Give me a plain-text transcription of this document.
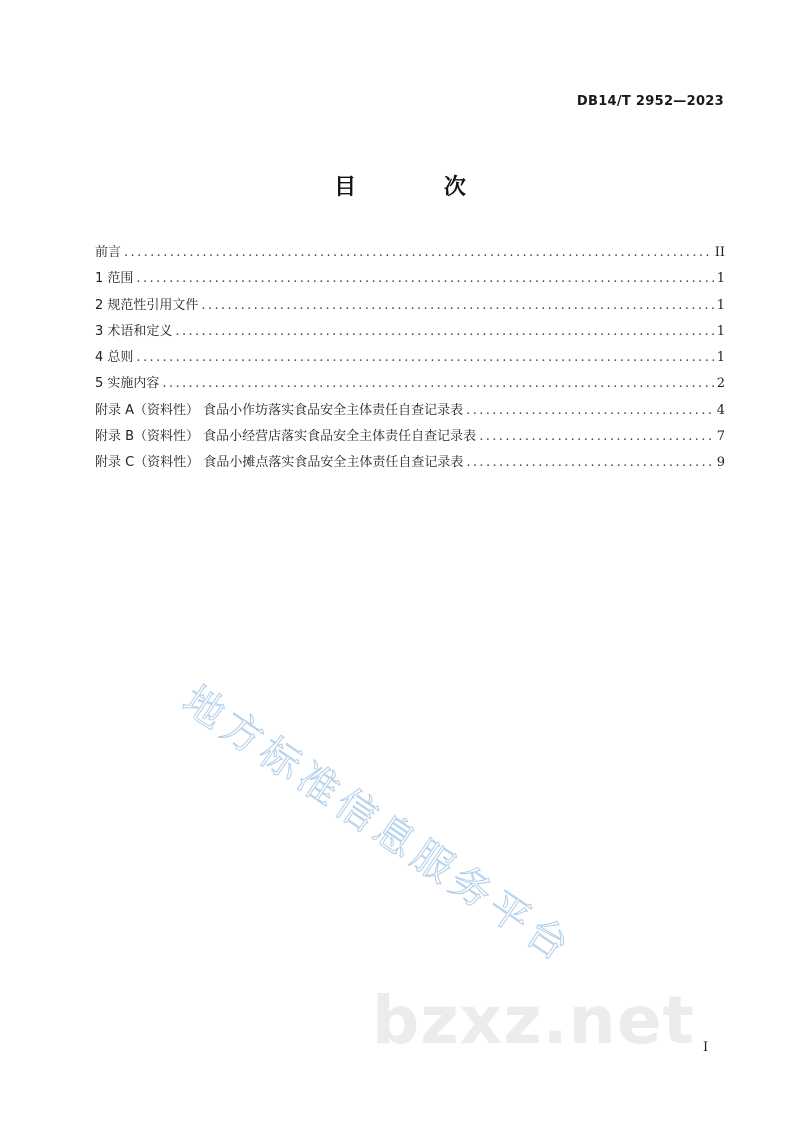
DB14/T 2952—2023
目 次
前言 .....	II
1 范围 .....	1
2 规范性引用文件 .....	1
3 术语和定义 .....	1
4 总则 .....	1
5 实施内容 .....	2
附录 A（资料性） 食品小作坊落实食品安全主体责任自查记录表 .....	4
附录 B（资料性） 食品小经营店落实食品安全主体责任自查记录表 .....	7
附录 C（资料性） 食品小摊点落实食品安全主体责任自查记录表 .....	9
地方标准信息服务平台
bzxz.net I
